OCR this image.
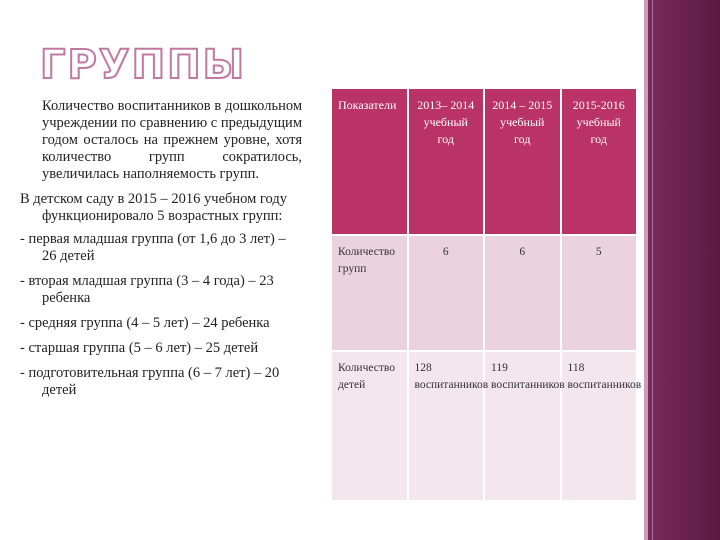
ГРУППЫ

Количество воспитанников в дошкольном учреждении по сравнению с предыдущим годом осталось на прежнем уровне, хотя количество групп сократилось, увеличилась наполняемость групп.

В детском саду в 2015 – 2016 учебном году функционировало 5 возрастных групп:

- первая младшая группа (от 1,6 до 3 лет) – 26 детей

- вторая младшая группа (3 – 4 года) – 23 ребенка

- средняя группа (4 – 5 лет) – 24 ребенка

- старшая группа (5 – 6 лет) – 25 детей

- подготовительная группа (6 – 7 лет) – 20 детей

Показатели	2013– 2014 учебный год	2014 – 2015 учебный год	2015-2016 учебный год
Количество групп	6	6	5
Количество детей	128 воспитанников	119 воспитанников	118 воспитанников
